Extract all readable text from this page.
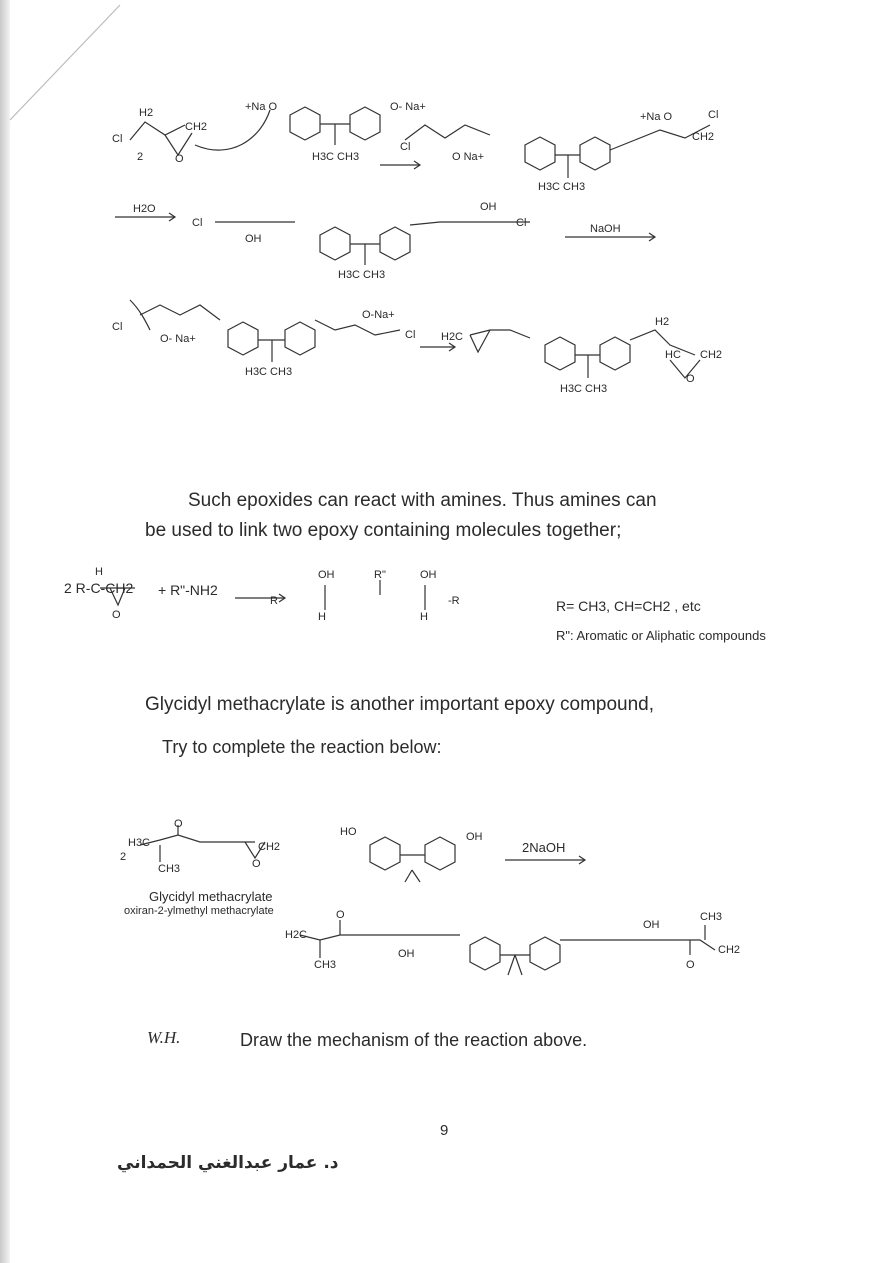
Cl
2
H2
CH2
O
+Na O	O- Na+
H3C CH3
Cl
O Na+
H3C CH3
+Na O	Cl
CH2
H2O
Cl
OH
H3C CH3
OH
Cl	NaOH
Cl
O- Na+
O-Na+
Cl
H3C CH3
H2C
H3C CH3
H2
HC CH2
O
H
O
OH	R"	OH
R	-R
H	H
O
2
H3C
CH3
CH2
O
HO	OH
H2C
O
CH3
OH
OH
O
CH3
CH2
Such epoxides can react with amines. Thus amines can
be used to link two epoxy containing molecules together;
2 R-C-CH2 + R"-NH2
R= CH3, CH=CH2 , etc
R": Aromatic or Aliphatic compounds
Glycidyl methacrylate is another important epoxy compound,
Try to complete the reaction below:
Glycidyl methacrylate
oxiran-2-ylmethyl methacrylate
2NaOH
W.H.	Draw the mechanism of the reaction above.
9
د. عمار عبدالغني الحمداني
